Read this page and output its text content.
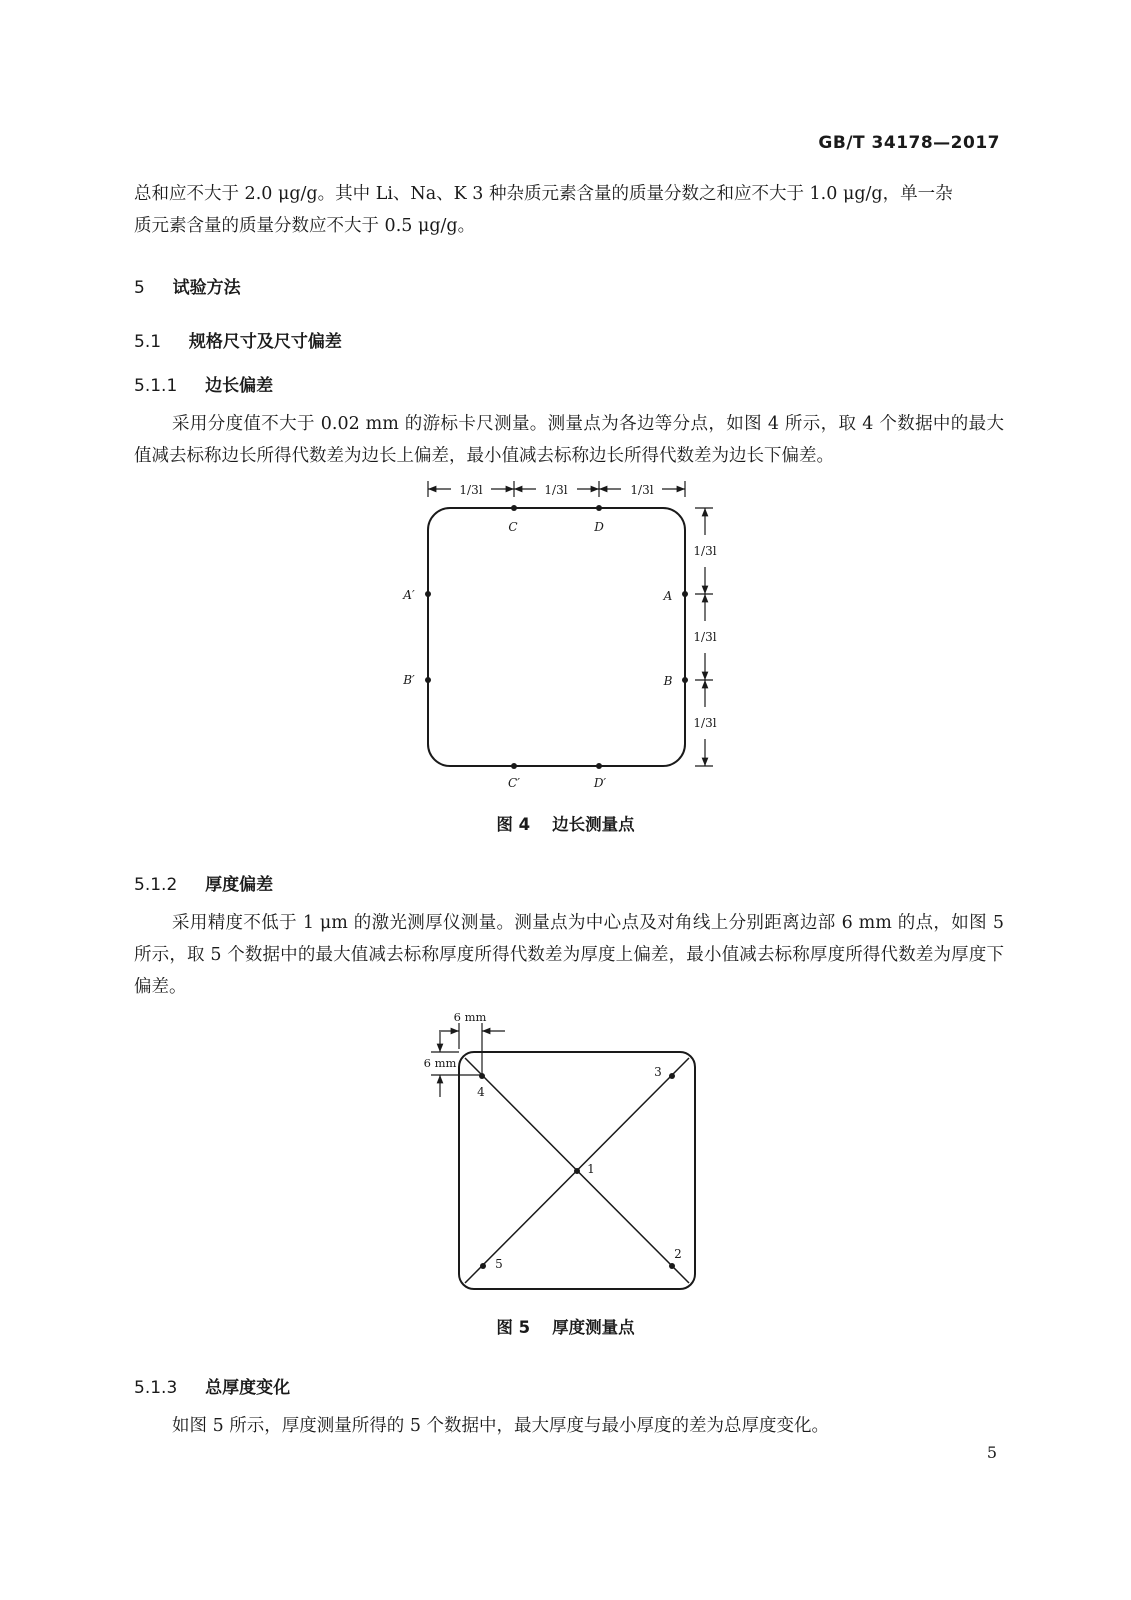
GB/T 34178—2017
总和应不大于 2.0 μg/g。其中 Li、Na、K 3 种杂质元素含量的质量分数之和应不大于 1.0 μg/g，单一杂
质元素含量的质量分数应不大于 0.5 μg/g。
5 试验方法
5.1 规格尺寸及尺寸偏差
5.1.1 边长偏差
采用分度值不大于 0.02 mm 的游标卡尺测量。测量点为各边等分点，如图 4 所示，取 4 个数据中的最大值减去标称边长所得代数差为边长上偏差，最小值减去标称边长所得代数差为边长下偏差。
1/3l	1/3l	1/3l
1/3l
1/3l
1/3l
C	D
A′	A
B′	B
C′	D′
图 4 边长测量点
5.1.2 厚度偏差
采用精度不低于 1 μm 的激光测厚仪测量。测量点为中心点及对角线上分别距离边部 6 mm 的点，如图 5 所示，取 5 个数据中的最大值减去标称厚度所得代数差为厚度上偏差，最小值减去标称厚度所得代数差为厚度下偏差。
6 mm
6 mm
1
2
3
4
5
图 5 厚度测量点
5.1.3 总厚度变化
如图 5 所示，厚度测量所得的 5 个数据中，最大厚度与最小厚度的差为总厚度变化。
5
